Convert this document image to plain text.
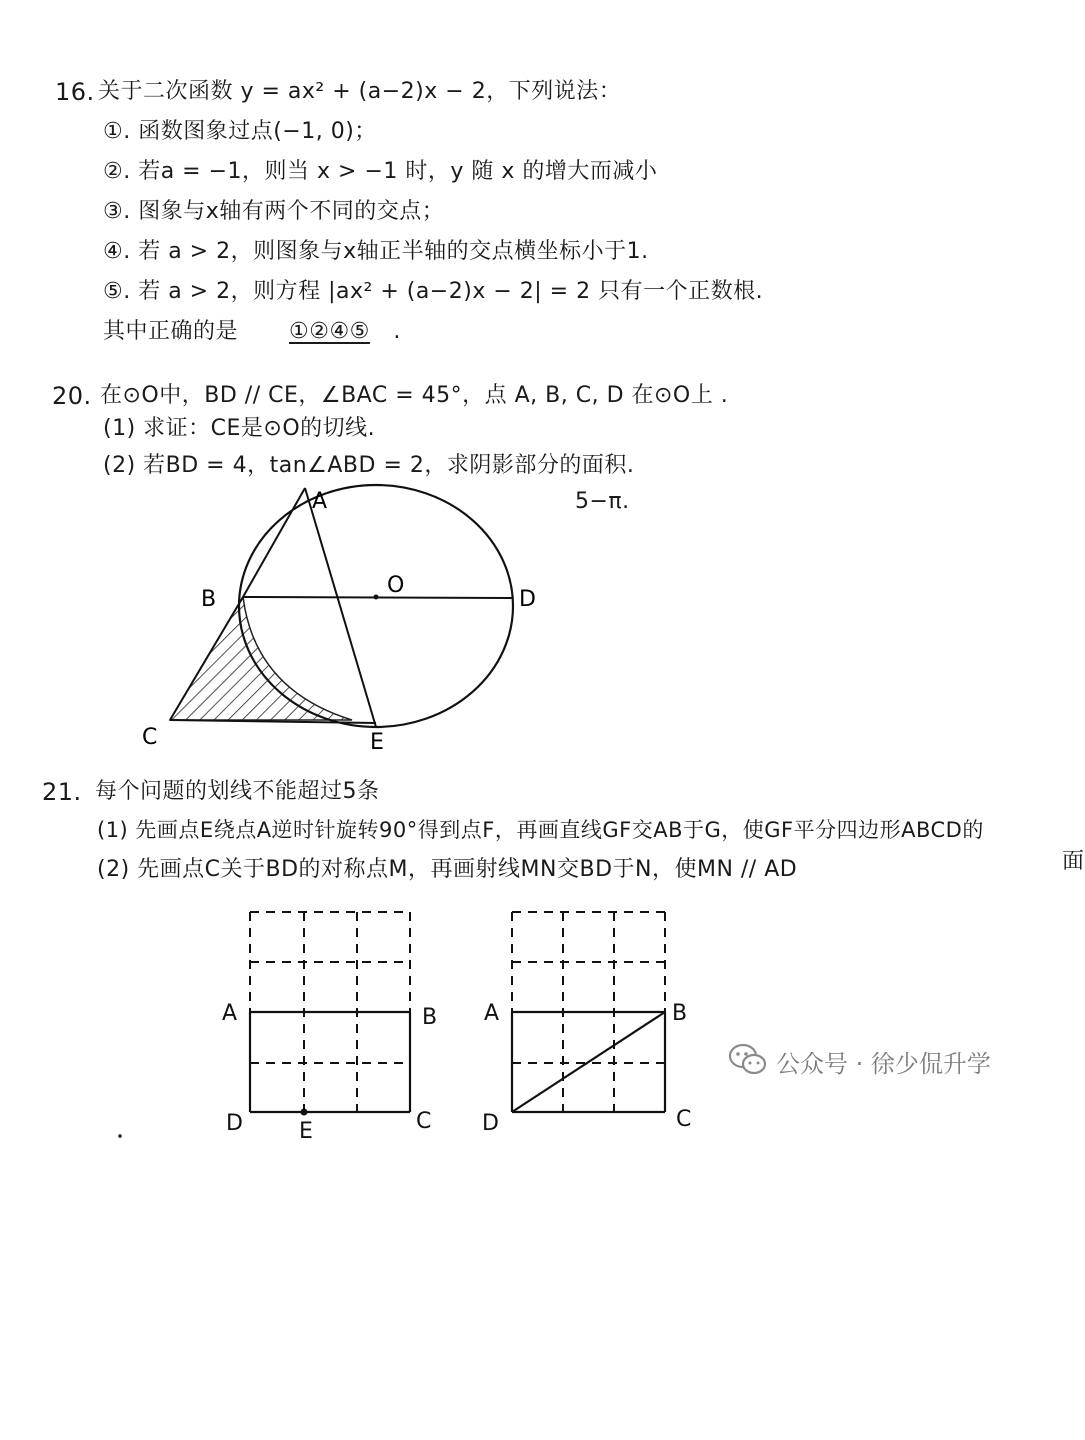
16. 关于二次函数 y = ax² + (a−2)x − 2，下列说法：
①. 函数图象过点(−1, 0)；
②. 若a = −1，则当 x > −1 时，y 随 x 的增大而减小
③. 图象与x轴有两个不同的交点；
④. 若 a > 2，则图象与x轴正半轴的交点横坐标小于1.
⑤. 若 a > 2，则方程 |ax² + (a−2)x − 2| = 2 只有一个正数根.
其中正确的是 ①②④⑤ .
20. 在⊙O中，BD // CE，∠BAC = 45°，点 A, B, C, D 在⊙O上 .
(1) 求证：CE是⊙O的切线.
(2) 若BD = 4，tan∠ABD = 2，求阴影部分的面积.
5−π.
A
B
O
D
C	E
21. 每个问题的划线不能超过5条
(1) 先画点E绕点A逆时针旋转90°得到点F，再画直线GF交AB于G，使GF平分四边形ABCD的
面
(2) 先画点C关于BD的对称点M，再画射线MN交BD于N，使MN // AD
A	B
D	E	C
A	B
D	C
公众号 · 徐少侃升学
